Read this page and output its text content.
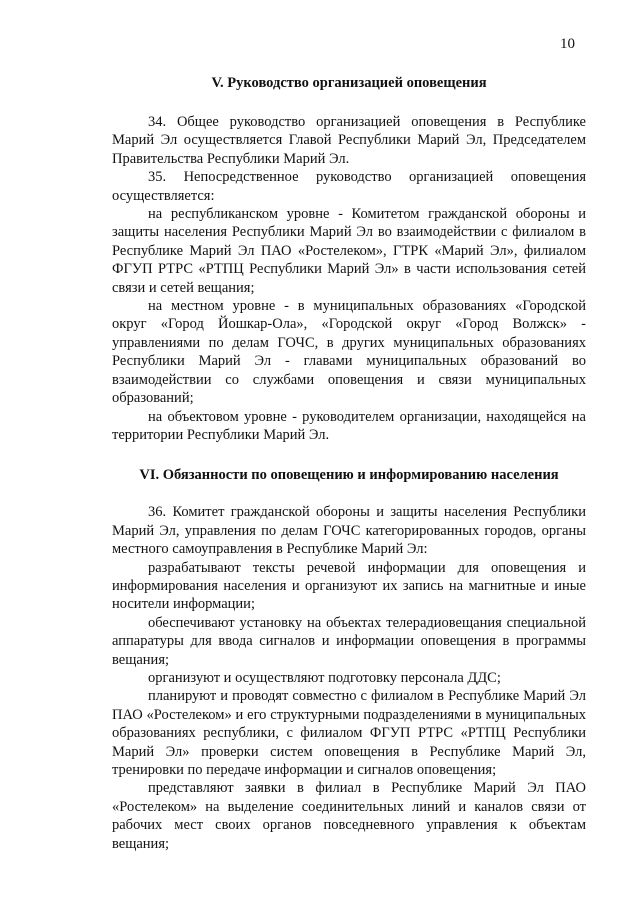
10
V. Руководство организацией оповещения

34. Общее руководство организацией оповещения в Республике Марий Эл осуществляется Главой Республики Марий Эл, Председателем Правительства Республики Марий Эл.

35. Непосредственное руководство организацией оповещения осуществляется:

на республиканском уровне - Комитетом гражданской обороны и защиты населения Республики Марий Эл во взаимодействии с филиалом в Республике Марий Эл ПАО «Ростелеком», ГТРК «Марий Эл», филиалом ФГУП РТРС «РТПЦ Республики Марий Эл» в части использования сетей связи и сетей вещания;

на местном уровне - в муниципальных образованиях «Городской округ «Город Йошкар-Ола», «Городской округ «Город Волжск» - управлениями по делам ГОЧС, в других муниципальных образованиях Республики Марий Эл - главами муниципальных образований во взаимодействии со службами оповещения и связи муниципальных образований;

на объектовом уровне - руководителем организации, находящейся на территории Республики Марий Эл.

VI. Обязанности по оповещению и информированию населения

36. Комитет гражданской обороны и защиты населения Республики Марий Эл, управления по делам ГОЧС категорированных городов, органы местного самоуправления в Республике Марий Эл:

разрабатывают тексты речевой информации для оповещения и информирования населения и организуют их запись на магнитные и иные носители информации;

обеспечивают установку на объектах телерадиовещания специальной аппаратуры для ввода сигналов и информации оповещения в программы вещания;

организуют и осуществляют подготовку персонала ДДС;

планируют и проводят совместно с филиалом в Республике Марий Эл ПАО «Ростелеком» и его структурными подразделениями в муниципальных образованиях республики, с филиалом ФГУП РТРС «РТПЦ Республики Марий Эл» проверки систем оповещения в Республике Марий Эл, тренировки по передаче информации и сигналов оповещения;

представляют заявки в филиал в Республике Марий Эл ПАО «Ростелеком» на выделение соединительных линий и каналов связи от рабочих мест своих органов повседневного управления к объектам вещания;
